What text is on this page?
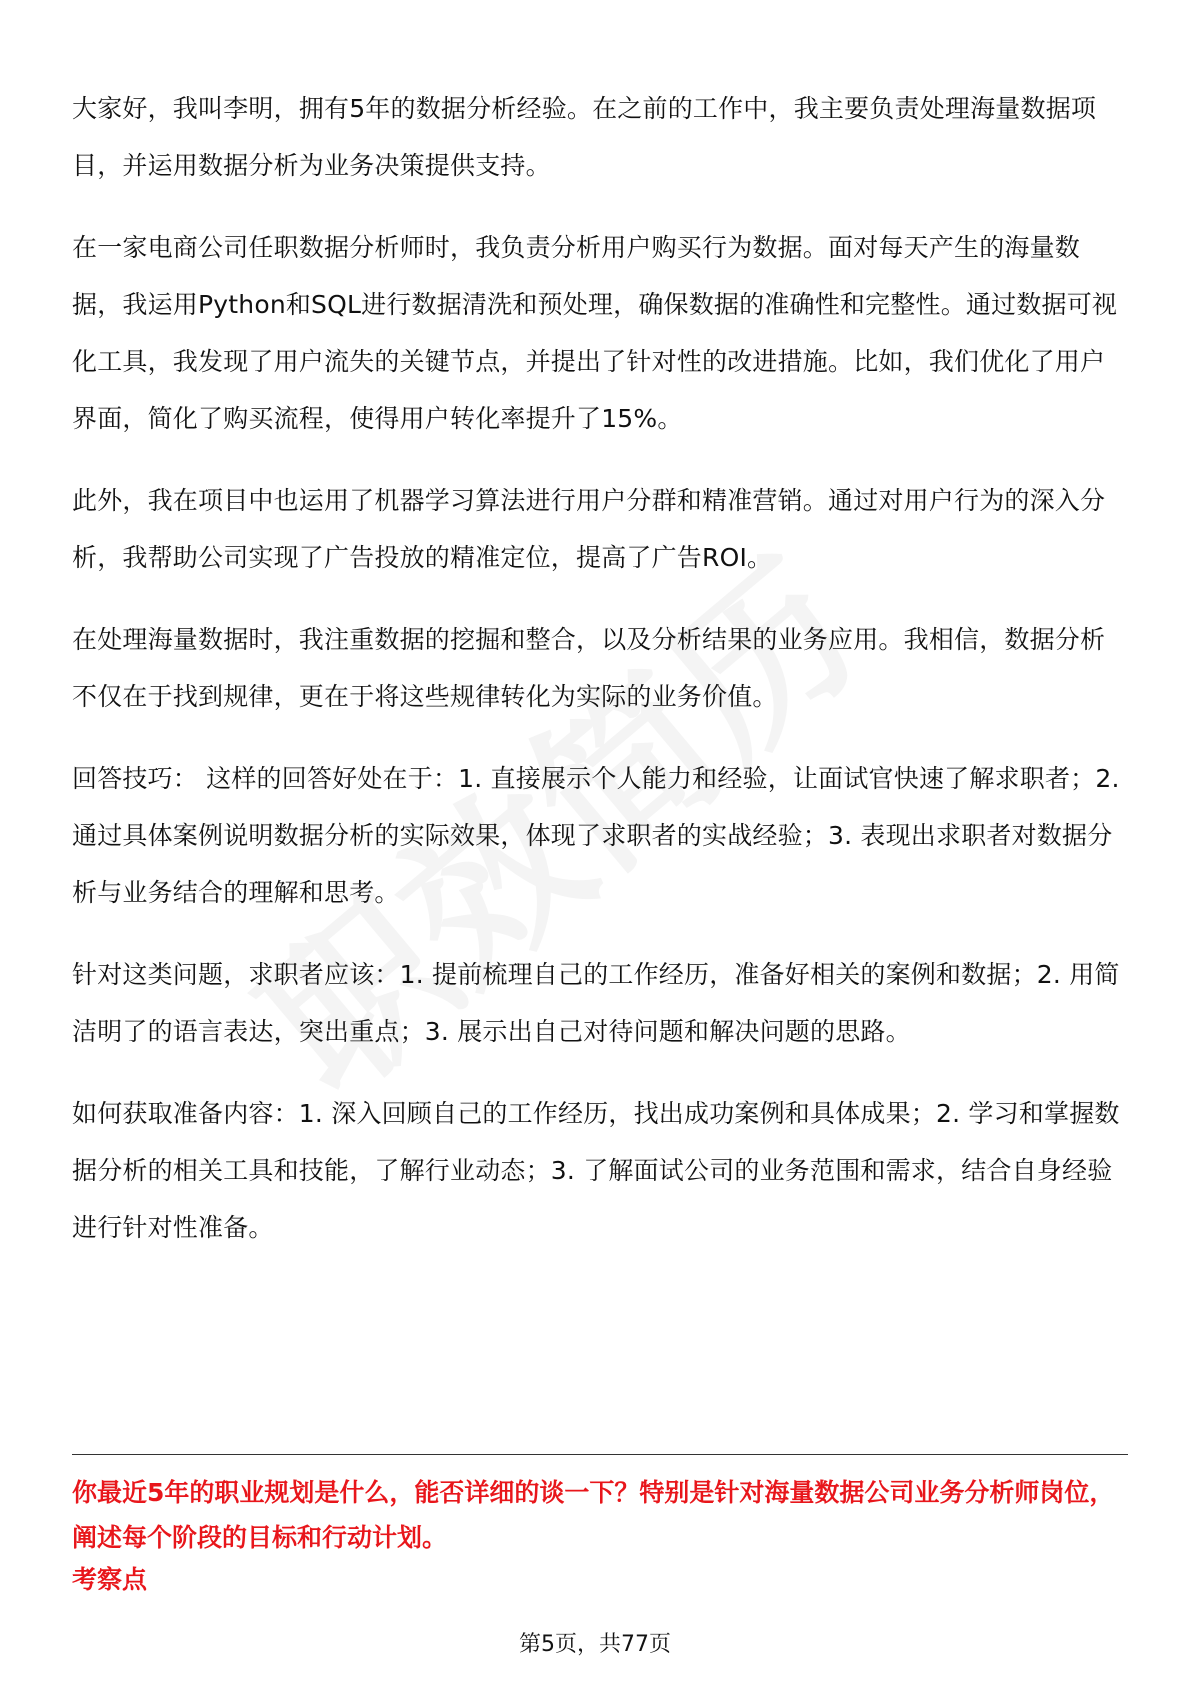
大家好，我叫李明，拥有5年的数据分析经验。在之前的工作中，我主要负责处理海量数据项目，并运用数据分析为业务决策提供支持。

在一家电商公司任职数据分析师时，我负责分析用户购买行为数据。面对每天产生的海量数据，我运用Python和SQL进行数据清洗和预处理，确保数据的准确性和完整性。通过数据可视化工具，我发现了用户流失的关键节点，并提出了针对性的改进措施。比如，我们优化了用户界面，简化了购买流程，使得用户转化率提升了15%。

此外，我在项目中也运用了机器学习算法进行用户分群和精准营销。通过对用户行为的深入分析，我帮助公司实现了广告投放的精准定位，提高了广告ROI。

在处理海量数据时，我注重数据的挖掘和整合，以及分析结果的业务应用。我相信，数据分析不仅在于找到规律，更在于将这些规律转化为实际的业务价值。

回答技巧： 这样的回答好处在于：1. 直接展示个人能力和经验，让面试官快速了解求职者；2. 通过具体案例说明数据分析的实际效果，体现了求职者的实战经验；3. 表现出求职者对数据分析与业务结合的理解和思考。

针对这类问题，求职者应该：1. 提前梳理自己的工作经历，准备好相关的案例和数据；2. 用简洁明了的语言表达，突出重点；3. 展示出自己对待问题和解决问题的思路。

如何获取准备内容：1. 深入回顾自己的工作经历，找出成功案例和具体成果；2. 学习和掌握数据分析的相关工具和技能，了解行业动态；3. 了解面试公司的业务范围和需求，结合自身经验进行针对性准备。

你最近5年的职业规划是什么，能否详细的谈一下？特别是针对海量数据公司业务分析师岗位，阐述每个阶段的目标和行动计划。

考察点

第5页，共77页
